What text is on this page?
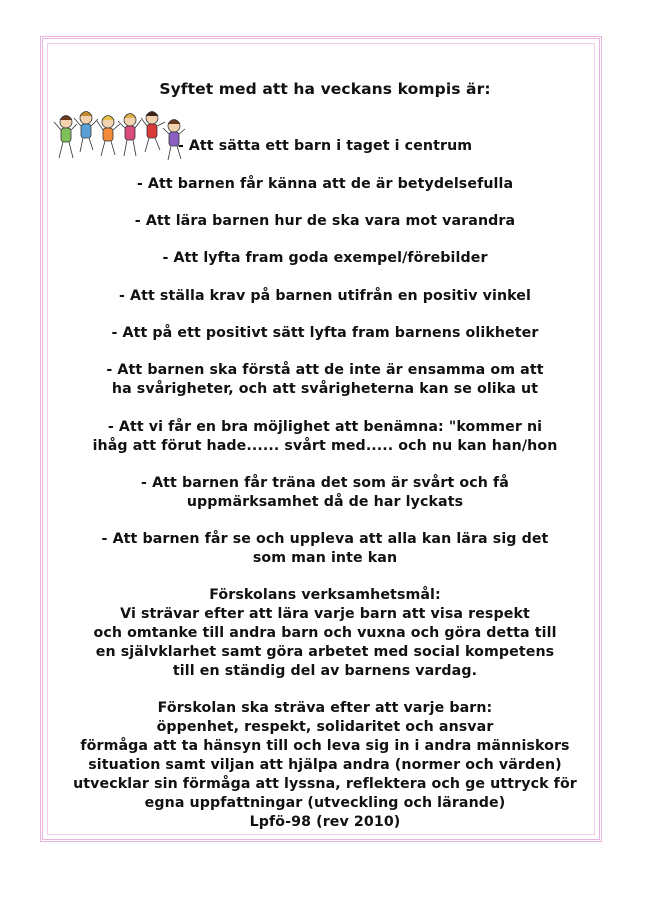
Syftet med att ha veckans kompis är:
- Att sätta ett barn i taget i centrum
- Att barnen får känna att de är betydelsefulla
- Att lära barnen hur de ska vara mot varandra
- Att lyfta fram goda exempel/förebilder
- Att ställa krav på barnen utifrån en positiv vinkel
- Att på ett positivt sätt lyfta fram barnens olikheter
- Att barnen ska förstå att de inte är ensamma om att
ha svårigheter, och att svårigheterna kan se olika ut
- Att vi får en bra möjlighet att benämna: "kommer ni
ihåg att förut hade...... svårt med..... och nu kan han/hon
- Att barnen får träna det som är svårt och få
uppmärksamhet då de har lyckats
- Att barnen får se och uppleva att alla kan lära sig det
som man inte kan
Förskolans verksamhetsmål:
Vi strävar efter att lära varje barn att visa respekt
och omtanke till andra barn och vuxna och göra detta till
en självklarhet samt göra arbetet med social kompetens
till en ständig del av barnens vardag.
Förskolan ska sträva efter att varje barn:
öppenhet, respekt, solidaritet och ansvar
förmåga att ta hänsyn till och leva sig in i andra människors
situation samt viljan att hjälpa andra (normer och värden)
utvecklar sin förmåga att lyssna, reflektera och ge uttryck för
egna uppfattningar (utveckling och lärande)
Lpfö-98 (rev 2010)
